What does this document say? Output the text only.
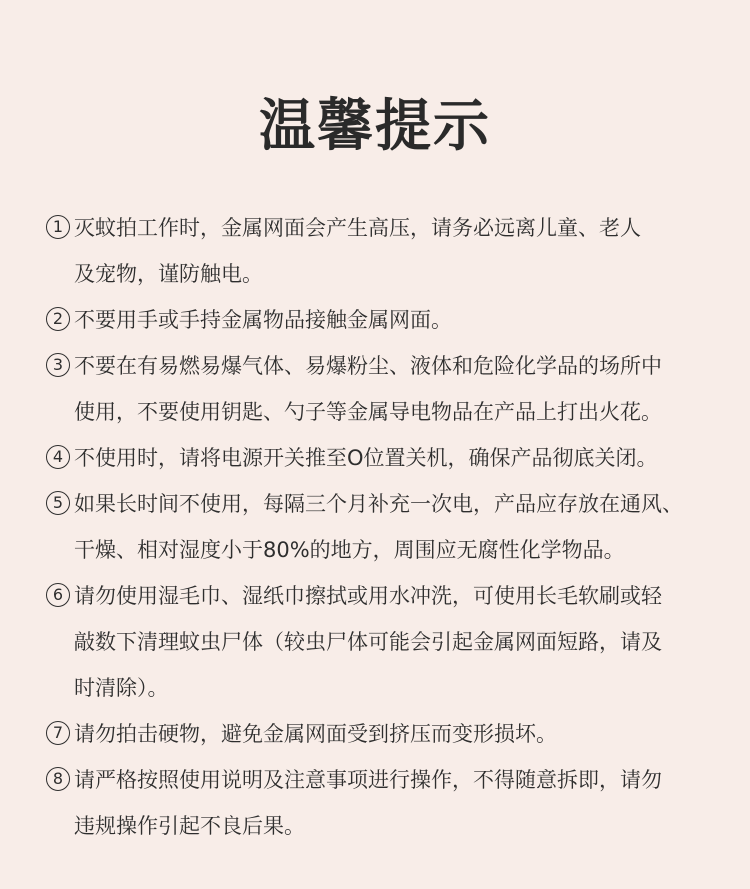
温馨提示
1 灭蚊拍工作时，金属网面会产生高压，请务必远离儿童、老人
及宠物，谨防触电。
2 不要用手或手持金属物品接触金属网面。
3 不要在有易燃易爆气体、易爆粉尘、液体和危险化学品的场所中
使用，不要使用钥匙、勺子等金属导电物品在产品上打出火花。
4 不使用时，请将电源开关推至O位置关机，确保产品彻底关闭。
5 如果长时间不使用，每隔三个月补充一次电，产品应存放在通风、
干燥、相对湿度小于80%的地方，周围应无腐性化学物品。
6 请勿使用湿毛巾、湿纸巾擦拭或用水冲洗，可使用长毛软刷或轻
敲数下清理蚊虫尸体（较虫尸体可能会引起金属网面短路，请及
时清除）。
7 请勿拍击硬物，避免金属网面受到挤压而变形损坏。
8 请严格按照使用说明及注意事项进行操作，不得随意拆即，请勿
违规操作引起不良后果。
